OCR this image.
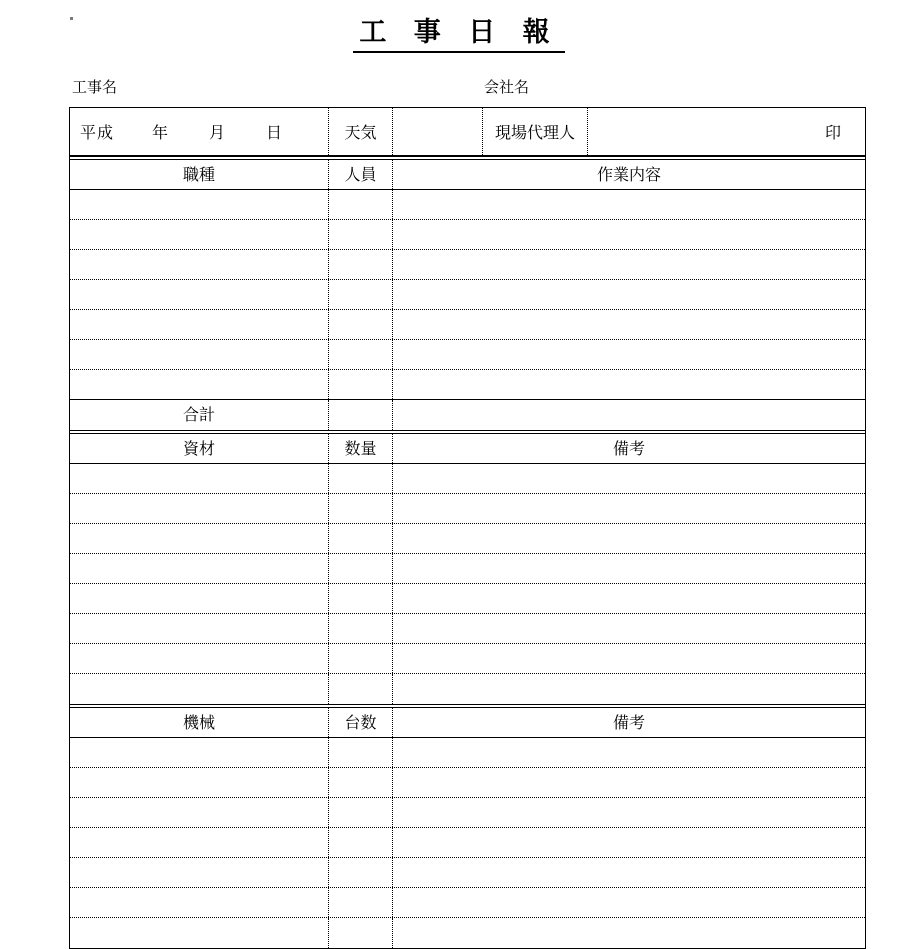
工 事 日 報
工事名	会社名
平成 年	月	日	天気	現場代理人	印
職種	人員	作業内容
合計
資材	数量	備考
機械	台数	備考
